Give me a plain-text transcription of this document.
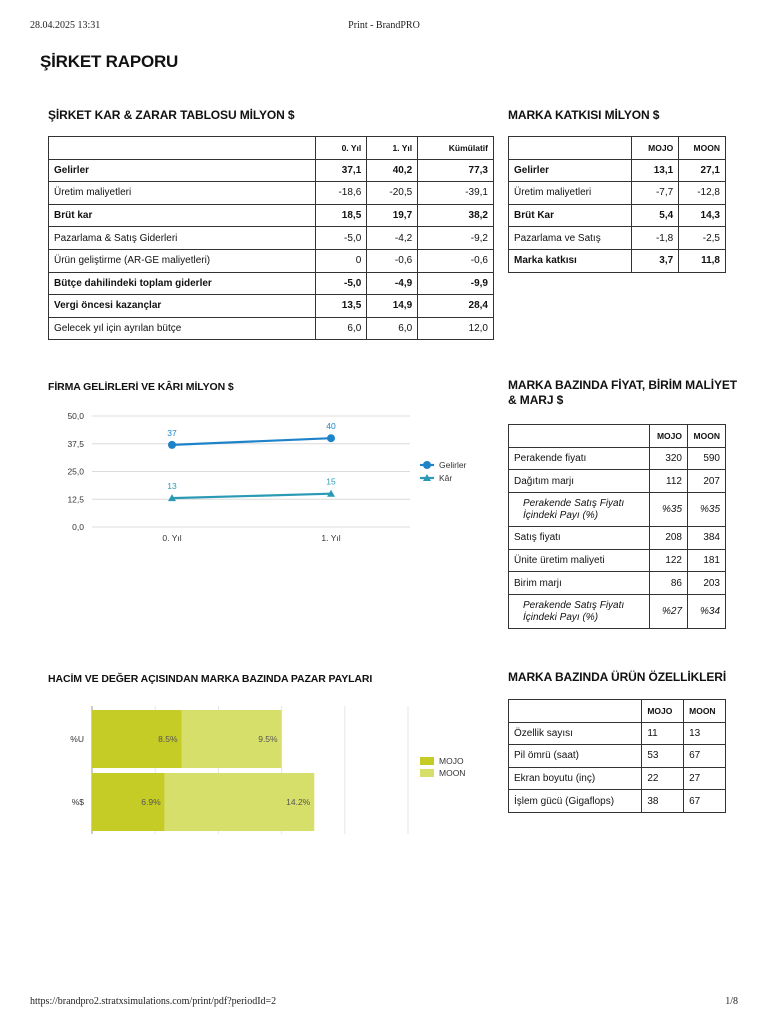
28.04.2025 13:31	Print - BrandPRO
ŞİRKET RAPORU
ŞİRKET KAR & ZARAR TABLOSU MİLYON $
	0. Yıl	1. Yıl	Kümülatif
Gelirler	37,1	40,2	77,3
Üretim maliyetleri	-18,6	-20,5	-39,1
Brüt kar	18,5	19,7	38,2
Pazarlama & Satış Giderleri	-5,0	-4,2	-9,2
Ürün geliştirme (AR-GE maliyetleri)	0	-0,6	-0,6
Bütçe dahilindeki toplam giderler	-5,0	-4,9	-9,9
Vergi öncesi kazançlar	13,5	14,9	28,4
Gelecek yıl için ayrılan bütçe	6,0	6,0	12,0
MARKA KATKISI MİLYON $
	MOJO	MOON
Gelirler	13,1	27,1
Üretim maliyetleri	-7,7	-12,8
Brüt Kar	5,4	14,3
Pazarlama ve Satış	-1,8	-2,5
Marka katkısı	3,7	11,8
FİRMA GELİRLERİ VE KÂRI MİLYON $
0,0
12,5
25,0
37,5
50,0
0. Yıl	1. Yıl
37
40
Gelirler
13	15	Kâr
MARKA BAZINDA FİYAT, BİRİM MALİYET & MARJ $
	MOJO	MOON
Perakende fiyatı	320	590
Dağıtım marjı	112	207
Perakende Satış Fiyatı İçindeki Payı (%)	%35	%35
Satış fiyatı	208	384
Ünite üretim maliyeti	122	181
Birim marjı	86	203
Perakende Satış Fiyatı İçindeki Payı (%)	%27	%34
HACİM VE DEĞER AÇISINDAN MARKA BAZINDA PAZAR PAYLARI
%U	8.5%	9.5%
%$	6.9%	14.2%
MOJO
MOON
MARKA BAZINDA ÜRÜN ÖZELLİKLERİ
	MOJO	MOON
Özellik sayısı	11	13
Pil ömrü (saat)	53	67
Ekran boyutu (inç)	22	27
İşlem gücü (Gigaflops)	38	67
https://brandpro2.stratxsimulations.com/print/pdf?periodId=2	1/8
